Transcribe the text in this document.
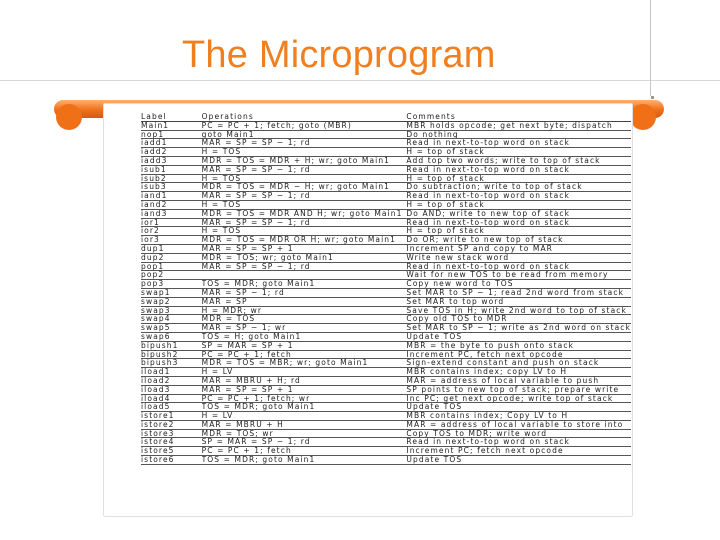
The Microprogram
Label	Operations	Comments
Main1	PC = PC + 1; fetch; goto (MBR)	MBR holds opcode; get next byte; dispatch
nop1	goto Main1	Do nothing
iadd1	MAR = SP = SP − 1; rd	Read in next-to-top word on stack
iadd2	H = TOS	H = top of stack
iadd3	MDR = TOS = MDR + H; wr; goto Main1	Add top two words; write to top of stack
isub1	MAR = SP = SP − 1; rd	Read in next-to-top word on stack
isub2	H = TOS	H = top of stack
isub3	MDR = TOS = MDR − H; wr; goto Main1	Do subtraction; write to top of stack
iand1	MAR = SP = SP − 1; rd	Read in next-to-top word on stack
iand2	H = TOS	H = top of stack
iand3	MDR = TOS = MDR AND H; wr; goto Main1	Do AND; write to new top of stack
ior1	MAR = SP = SP − 1; rd	Read in next-to-top word on stack
ior2	H = TOS	H = top of stack
ior3	MDR = TOS = MDR OR H; wr; goto Main1	Do OR; write to new top of stack
dup1	MAR = SP = SP + 1	Increment SP and copy to MAR
dup2	MDR = TOS; wr; goto Main1	Write new stack word
pop1	MAR = SP = SP − 1; rd	Read in next-to-top word on stack
pop2		Wait for new TOS to be read from memory
pop3	TOS = MDR; goto Main1	Copy new word to TOS
swap1	MAR = SP − 1; rd	Set MAR to SP − 1; read 2nd word from stack
swap2	MAR = SP	Set MAR to top word
swap3	H = MDR; wr	Save TOS in H; write 2nd word to top of stack
swap4	MDR = TOS	Copy old TOS to MDR
swap5	MAR = SP − 1; wr	Set MAR to SP − 1; write as 2nd word on stack
swap6	TOS = H; goto Main1	Update TOS
bipush1	SP = MAR = SP + 1	MBR = the byte to push onto stack
bipush2	PC = PC + 1; fetch	Increment PC, fetch next opcode
bipush3	MDR = TOS = MBR; wr; goto Main1	Sign-extend constant and push on stack
iload1	H = LV	MBR contains index; copy LV to H
iload2	MAR = MBRU + H; rd	MAR = address of local variable to push
iload3	MAR = SP = SP + 1	SP points to new top of stack; prepare write
iload4	PC = PC + 1; fetch; wr	Inc PC; get next opcode; write top of stack
iload5	TOS = MDR; goto Main1	Update TOS
istore1	H = LV	MBR contains index; Copy LV to H
istore2	MAR = MBRU + H	MAR = address of local variable to store into
istore3	MDR = TOS; wr	Copy TOS to MDR; write word
istore4	SP = MAR = SP − 1; rd	Read in next-to-top word on stack
istore5	PC = PC + 1; fetch	Increment PC; fetch next opcode
istore6	TOS = MDR; goto Main1	Update TOS
